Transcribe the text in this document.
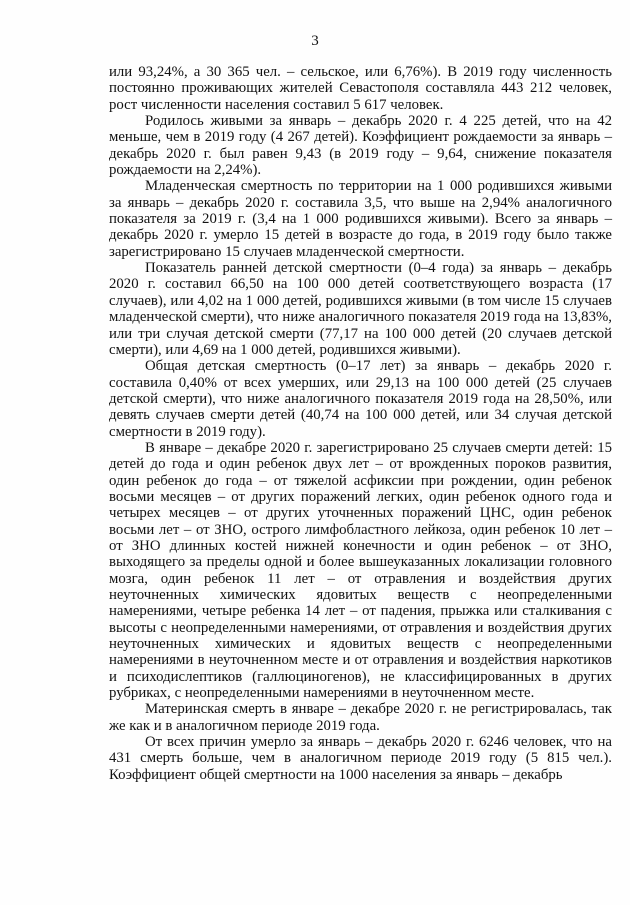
3

или 93,24%, а 30 365 чел. – сельское, или 6,76%). В 2019 году численность постоянно проживающих жителей Севастополя составляла 443 212 человек, рост численности населения составил 5 617 человек.

Родилось живыми за январь – декабрь 2020 г. 4 225 детей, что на 42 меньше, чем в 2019 году (4 267 детей). Коэффициент рождаемости за январь – декабрь 2020 г. был равен 9,43 (в 2019 году – 9,64, снижение показателя рождаемости на 2,24%).

Младенческая смертность по территории на 1 000 родившихся живыми за январь – декабрь 2020 г. составила 3,5, что выше на 2,94% аналогичного показателя за 2019 г. (3,4 на 1 000 родившихся живыми). Всего за январь – декабрь 2020 г. умерло 15 детей в возрасте до года, в 2019 году было также зарегистрировано 15 случаев младенческой смертности.

Показатель ранней детской смертности (0–4 года) за январь – декабрь 2020 г. составил 66,50 на 100 000 детей соответствующего возраста (17 случаев), или 4,02 на 1 000 детей, родившихся живыми (в том числе 15 случаев младенческой смерти), что ниже аналогичного показателя 2019 года на 13,83%, или три случая детской смерти (77,17 на 100 000 детей (20 случаев детской смерти), или 4,69 на 1 000 детей, родившихся живыми).

Общая детская смертность (0–17 лет) за январь – декабрь 2020 г. составила 0,40% от всех умерших, или 29,13 на 100 000 детей (25 случаев детской смерти), что ниже аналогичного показателя 2019 года на 28,50%, или девять случаев смерти детей (40,74 на 100 000 детей, или 34 случая детской смертности в 2019 году).

В январе – декабре 2020 г. зарегистрировано 25 случаев смерти детей: 15 детей до года и один ребенок двух лет – от врожденных пороков развития, один ребенок до года – от тяжелой асфиксии при рождении, один ребенок восьми месяцев – от других поражений легких, один ребенок одного года и четырех месяцев – от других уточненных поражений ЦНС, один ребенок восьми лет – от ЗНО, острого лимфобластного лейкоза, один ребенок 10 лет – от ЗНО длинных костей нижней конечности и один ребенок – от ЗНО, выходящего за пределы одной и более вышеуказанных локализации головного мозга, один ребенок 11 лет – от отравления и воздействия других неуточненных химических ядовитых веществ с неопределенными намерениями, четыре ребенка 14 лет – от падения, прыжка или сталкивания с высоты с неопределенными намерениями, от отравления и воздействия других неуточненных химических и ядовитых веществ с неопределенными намерениями в неуточненном месте и от отравления и воздействия наркотиков и психодислептиков (галлюциногенов), не классифицированных в других рубриках, с неопределенными намерениями в неуточненном месте.

Материнская смерть в январе – декабре 2020 г. не регистрировалась, так же как и в аналогичном периоде 2019 года.

От всех причин умерло за январь – декабрь 2020 г. 6246 человек, что на 431 смерть больше, чем в аналогичном периоде 2019 году (5 815 чел.). Коэффициент общей смертности на 1000 населения за январь – декабрь
